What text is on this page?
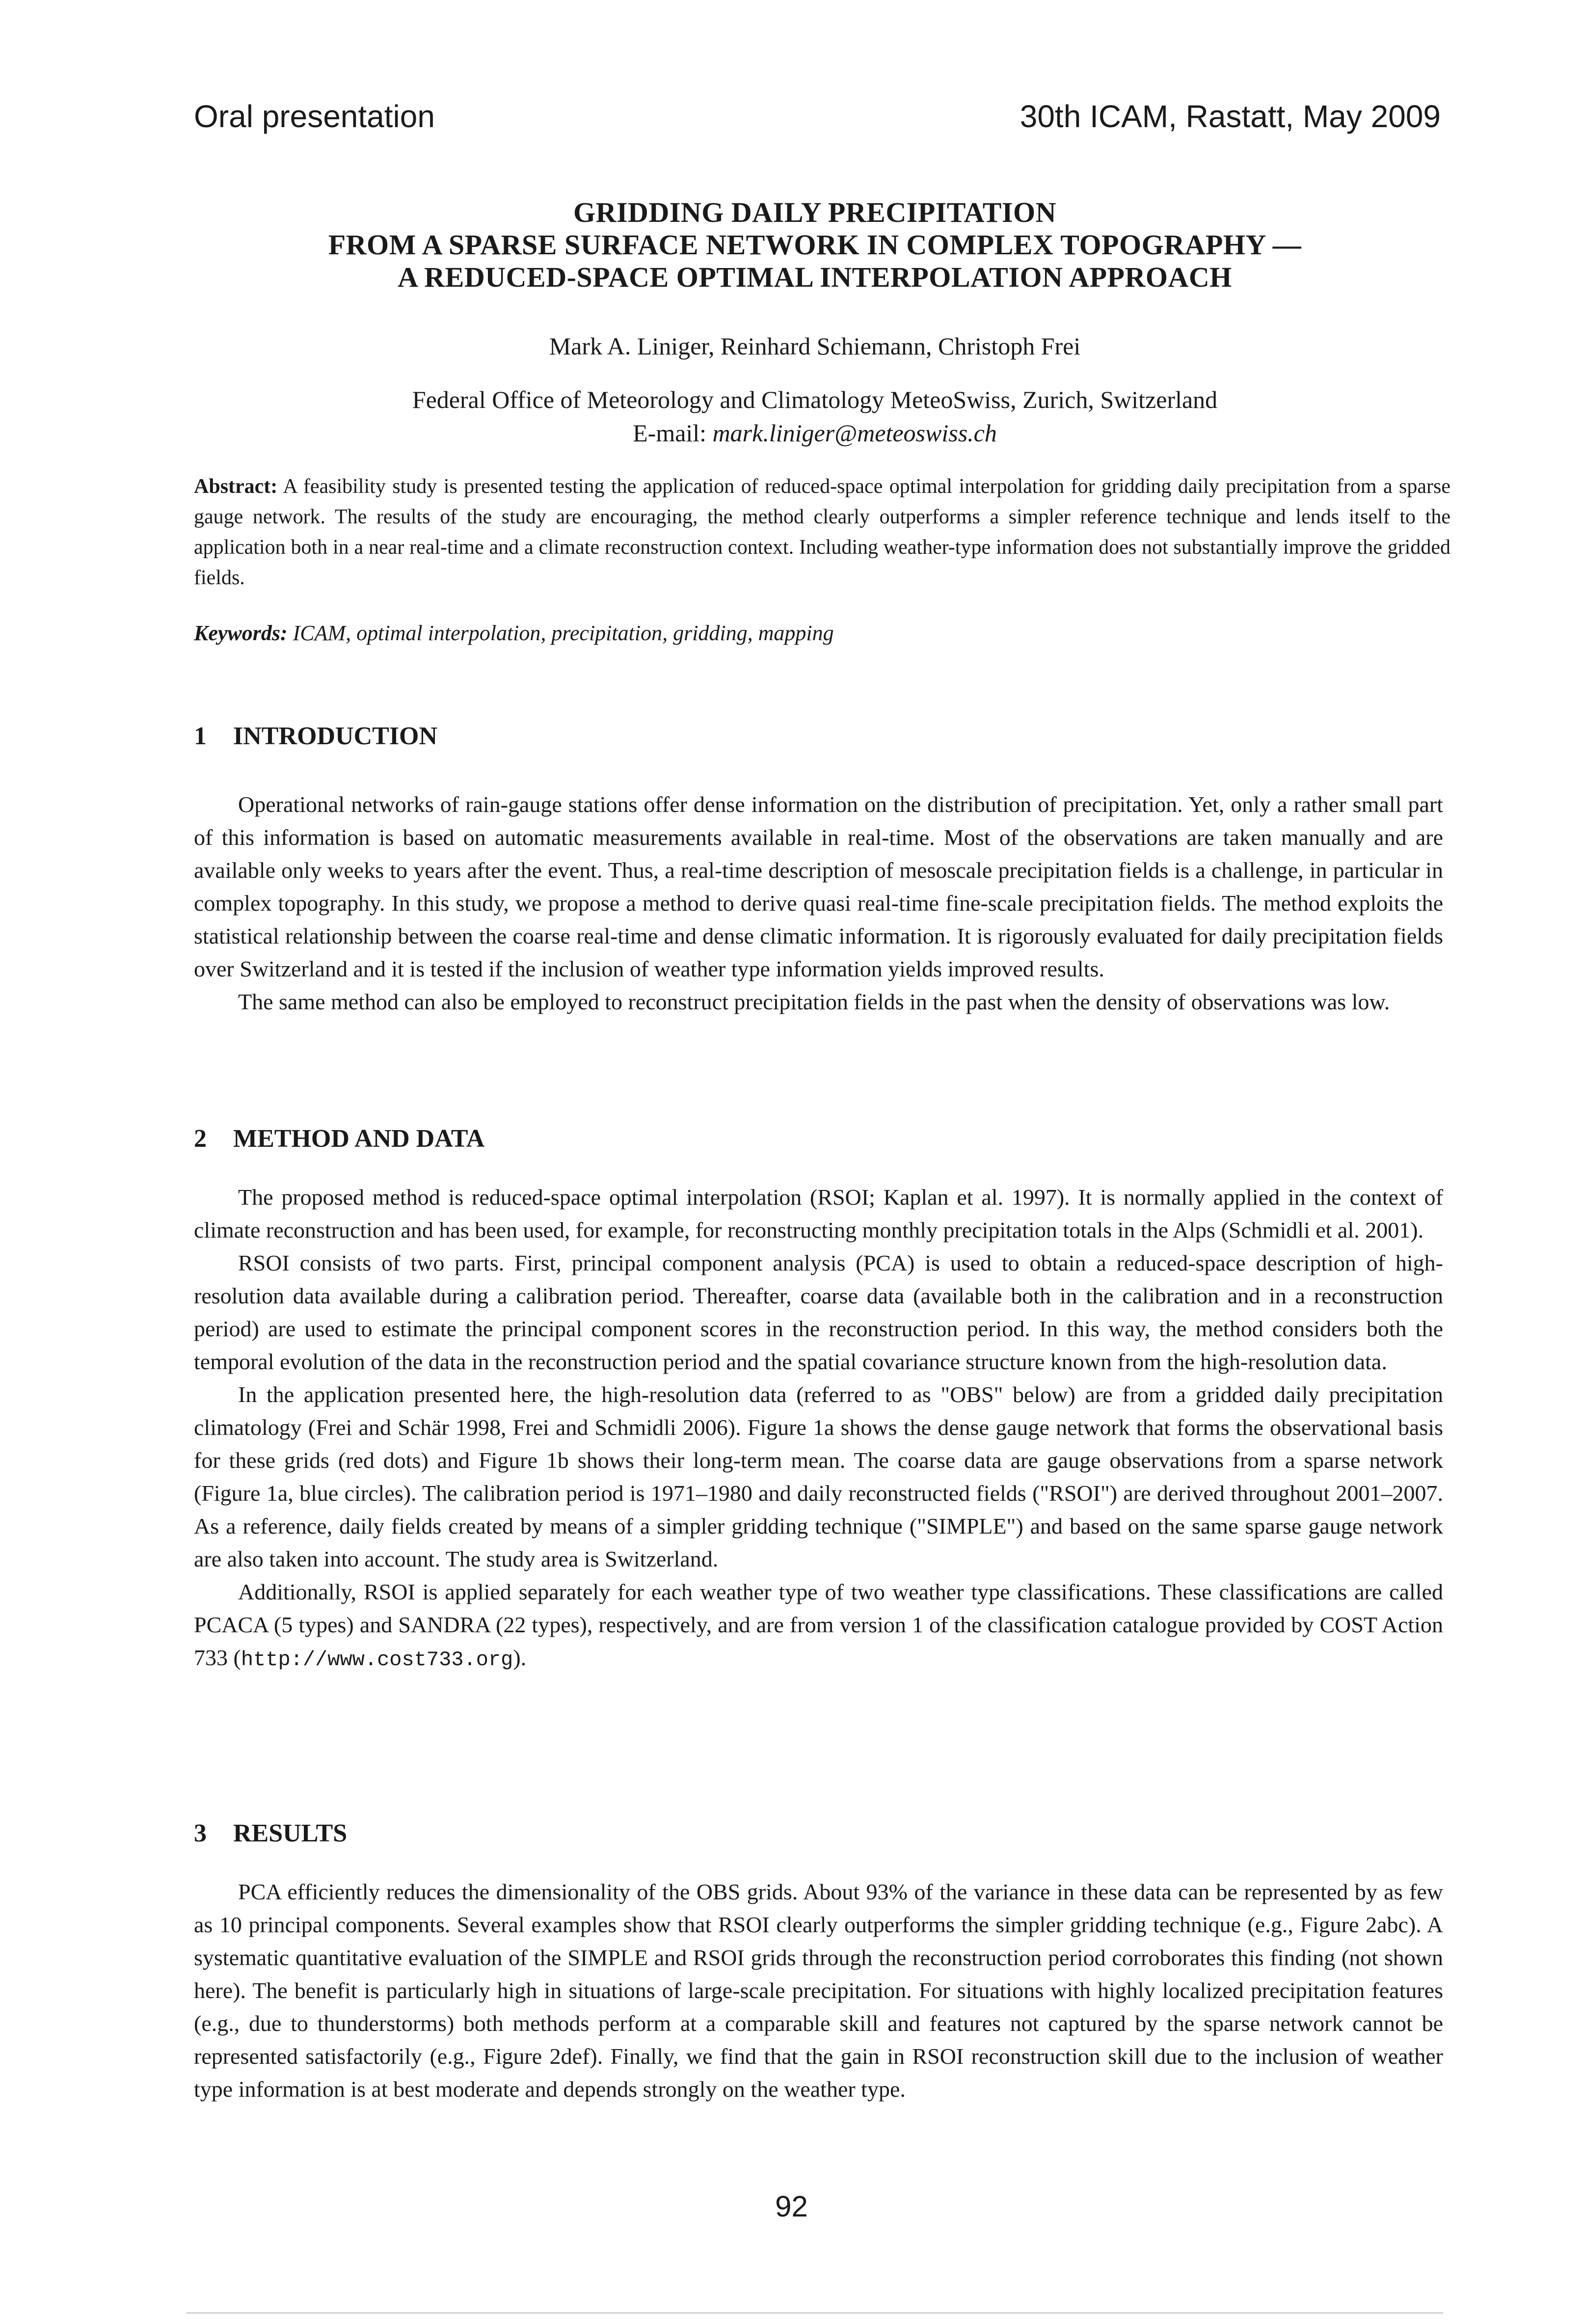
Oral presentation	30th ICAM, Rastatt, May 2009
GRIDDING DAILY PRECIPITATION
FROM A SPARSE SURFACE NETWORK IN COMPLEX TOPOGRAPHY —
A REDUCED-SPACE OPTIMAL INTERPOLATION APPROACH
Mark A. Liniger, Reinhard Schiemann, Christoph Frei
Federal Office of Meteorology and Climatology MeteoSwiss, Zurich, Switzerland
E-mail: mark.liniger@meteoswiss.ch
Abstract: A feasibility study is presented testing the application of reduced-space optimal interpolation for gridding daily precipitation from a sparse gauge network. The results of the study are encouraging, the method clearly outperforms a simpler reference technique and lends itself to the application both in a near real-time and a climate reconstruction context. Including weather-type information does not substantially improve the gridded fields.
Keywords: ICAM, optimal interpolation, precipitation, gridding, mapping
1 INTRODUCTION

Operational networks of rain-gauge stations offer dense information on the distribution of precipitation. Yet, only a rather small part of this information is based on automatic measurements available in real-time. Most of the observations are taken manually and are available only weeks to years after the event. Thus, a real-time description of mesoscale precipitation fields is a challenge, in particular in complex topography. In this study, we propose a method to derive quasi real-time fine-scale precipitation fields. The method exploits the statistical relationship between the coarse real-time and dense climatic information. It is rigorously evaluated for daily precipitation fields over Switzerland and it is tested if the inclusion of weather type information yields improved results.

The same method can also be employed to reconstruct precipitation fields in the past when the density of observations was low.

2 METHOD AND DATA

The proposed method is reduced-space optimal interpolation (RSOI; Kaplan et al. 1997). It is normally applied in the context of climate reconstruction and has been used, for example, for reconstructing monthly precipitation totals in the Alps (Schmidli et al. 2001).

RSOI consists of two parts. First, principal component analysis (PCA) is used to obtain a reduced-space description of high-resolution data available during a calibration period. Thereafter, coarse data (available both in the calibration and in a reconstruction period) are used to estimate the principal component scores in the reconstruction period. In this way, the method considers both the temporal evolution of the data in the reconstruction period and the spatial covariance structure known from the high-resolution data.

In the application presented here, the high-resolution data (referred to as "OBS" below) are from a gridded daily precipitation climatology (Frei and Schär 1998, Frei and Schmidli 2006). Figure 1a shows the dense gauge network that forms the observational basis for these grids (red dots) and Figure 1b shows their long-term mean. The coarse data are gauge observations from a sparse network (Figure 1a, blue circles). The calibration period is 1971–1980 and daily reconstructed fields ("RSOI") are derived throughout 2001–2007. As a reference, daily fields created by means of a simpler gridding technique ("SIMPLE") and based on the same sparse gauge network are also taken into account. The study area is Switzerland.

Additionally, RSOI is applied separately for each weather type of two weather type classifications. These classifications are called PCACA (5 types) and SANDRA (22 types), respectively, and are from version 1 of the classification catalogue provided by COST Action 733 (http://www.cost733.org).

3 RESULTS

PCA efficiently reduces the dimensionality of the OBS grids. About 93% of the variance in these data can be represented by as few as 10 principal components. Several examples show that RSOI clearly outperforms the simpler gridding technique (e.g., Figure 2abc). A systematic quantitative evaluation of the SIMPLE and RSOI grids through the reconstruction period corroborates this finding (not shown here). The benefit is particularly high in situations of large-scale precipitation. For situations with highly localized precipitation features (e.g., due to thunderstorms) both methods perform at a comparable skill and features not captured by the sparse network cannot be represented satisfactorily (e.g., Figure 2def). Finally, we find that the gain in RSOI reconstruction skill due to the inclusion of weather type information is at best moderate and depends strongly on the weather type.

92
